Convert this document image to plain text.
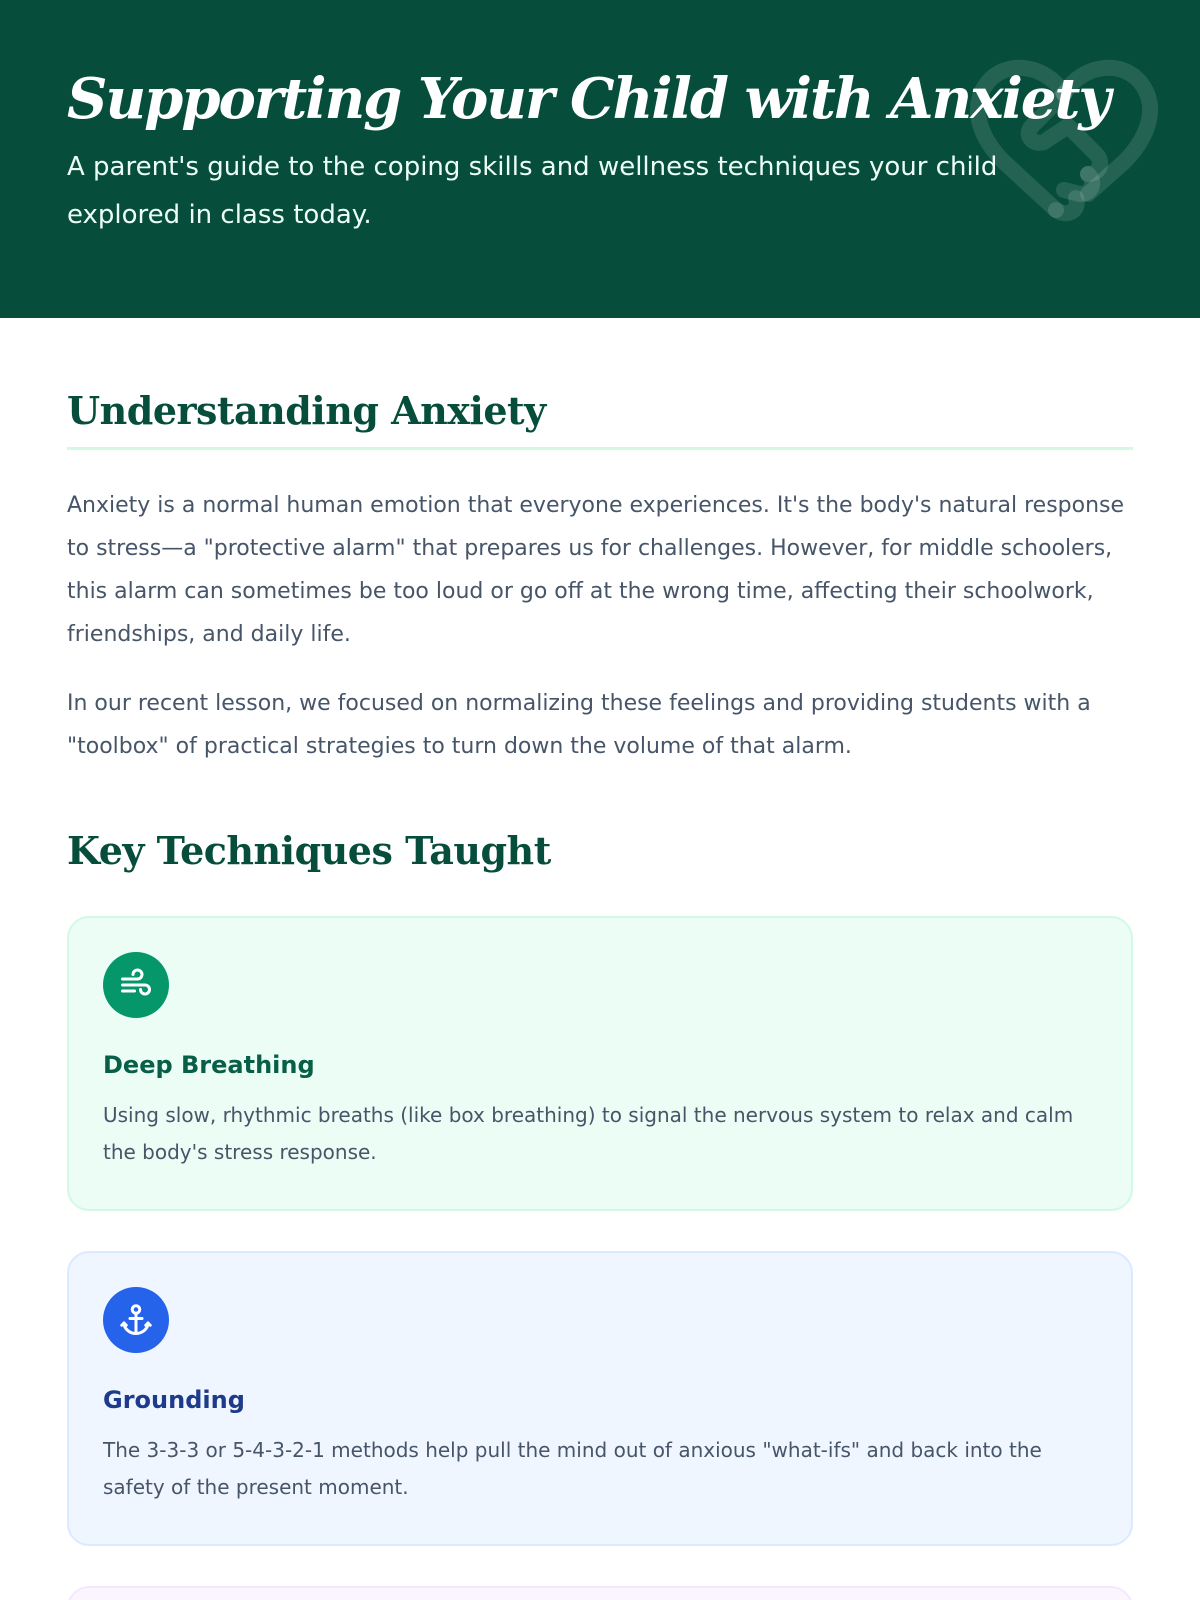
Supporting Your Child with Anxiety

A parent's guide to the coping skills and wellness techniques your child explored in class today.

Understanding Anxiety

Anxiety is a normal human emotion that everyone experiences. It's the body's natural response to stress—a "protective alarm" that prepares us for challenges. However, for middle schoolers, this alarm can sometimes be too loud or go off at the wrong time, affecting their schoolwork, friendships, and daily life.

In our recent lesson, we focused on normalizing these feelings and providing students with a "toolbox" of practical strategies to turn down the volume of that alarm.

Key Techniques Taught
Deep Breathing

Using slow, rhythmic breaths (like box breathing) to signal the nervous system to relax and calm the body's stress response.

Grounding

The 3-3-3 or 5-4-3-2-1 methods help pull the mind out of anxious "what-ifs" and back into the safety of the present moment.
